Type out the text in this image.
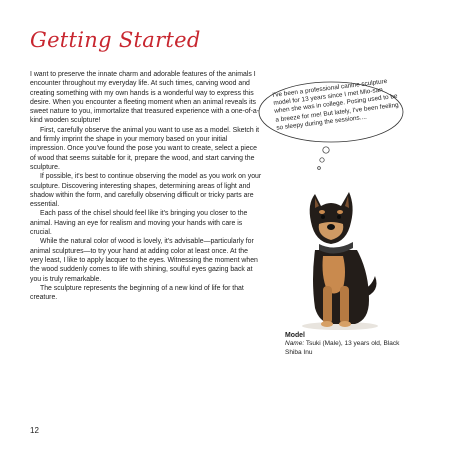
Getting Started

I want to preserve the innate charm and adorable features of the animals I encounter throughout my everyday life. At such times, carving wood and creating something with my own hands is a wonderful way to express this desire. When you encounter a fleeting moment when an animal reveals its sweet nature to you, immortalize that treasured experience with a one-of-a-kind wooden sculpture!

First, carefully observe the animal you want to use as a model. Sketch it and firmly imprint the shape in your memory based on your initial impression. Once you've found the pose you want to create, select a piece of wood that seems suitable for it, prepare the wood, and start carving the sculpture.

If possible, it's best to continue observing the model as you work on your sculpture. Discovering interesting shapes, determining areas of light and shadow within the form, and carefully observing difficult or tricky parts are essential.

Each pass of the chisel should feel like it's bringing you closer to the animal. Having an eye for realism and moving your hands with care is crucial.

While the natural color of wood is lovely, it's advisable—particularly for animal sculptures—to try your hand at adding color at least once. At the very least, I like to apply lacquer to the eyes. Witnessing the moment when the wood suddenly comes to life with shining, soulful eyes gazing back at you is truly remarkable.

The sculpture represents the beginning of a new kind of life for that creature.

I've been a professional canine sculpture model for 13 years since I met Mio-san when she was in college. Posing used to be a breeze for me! But lately, I've been feeling so sleepy during the sessions....
Model
Name: Tsuki (Male), 13 years old, Black Shiba Inu
12
